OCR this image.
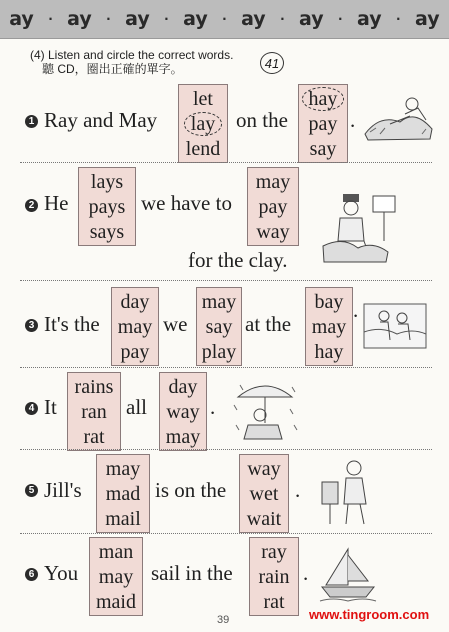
ay · ay · ay · ay · ay · ay · ay · ay
(4) Listen and circle the correct words.
聽 CD，圈出正確的單字。	41
1 Ray and May
let
lay
lend
on the
hay
pay
say
.
2 He
lays
pays
says
we have to
may
pay
way
for the clay.
3 It's the
day
may
pay
we
may
say
play
at the
bay
may
hay
.
4 It
rains
ran
rat
all
day
way
may
.
5 Jill's
may
mad
mail
is on the
way
wet
wait
.
6 You
man
may
maid
sail in the
ray
rain
rat
.
39	www.tingroom.com
